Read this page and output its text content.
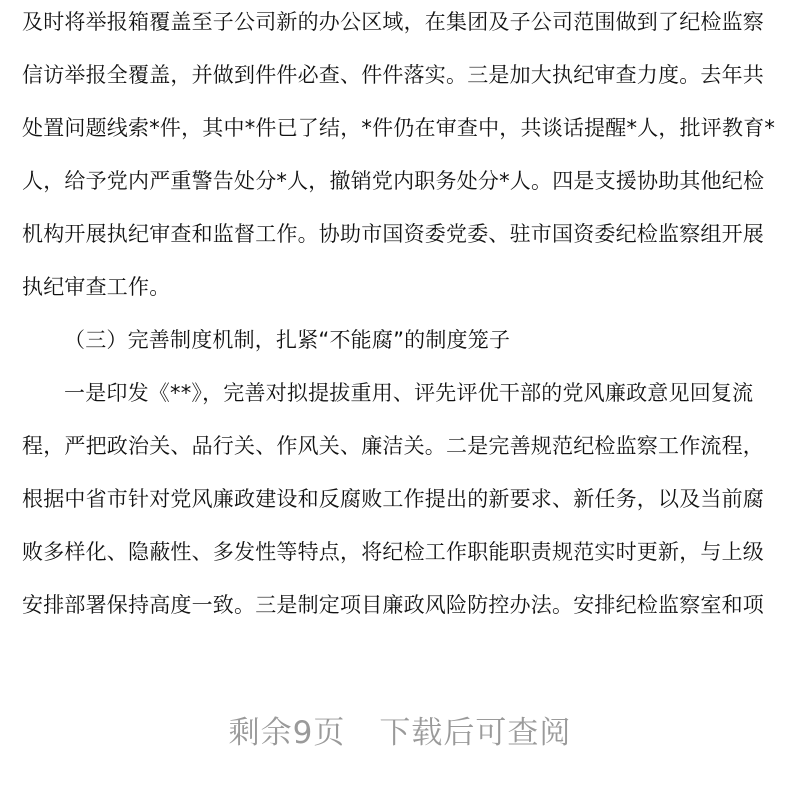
及时将举报箱覆盖至子公司新的办公区域，在集团及子公司范围做到了纪检监察
信访举报全覆盖，并做到件件必查、件件落实。三是加大执纪审查力度。去年共
处置问题线索*件，其中*件已了结，*件仍在审查中，共谈话提醒*人，批评教育*
人，给予党内严重警告处分*人，撤销党内职务处分*人。四是支援协助其他纪检
机构开展执纪审查和监督工作。协助市国资委党委、驻市国资委纪检监察组开展
执纪审查工作。
（三）完善制度机制，扎紧“不能腐”的制度笼子
一是印发《**》，完善对拟提拔重用、评先评优干部的党风廉政意见回复流
程，严把政治关、品行关、作风关、廉洁关。二是完善规范纪检监察工作流程，
根据中省市针对党风廉政建设和反腐败工作提出的新要求、新任务，以及当前腐
败多样化、隐蔽性、多发性等特点，将纪检工作职能职责规范实时更新，与上级
安排部署保持高度一致。三是制定项目廉政风险防控办法。安排纪检监察室和项
剩余9页 下载后可查阅
